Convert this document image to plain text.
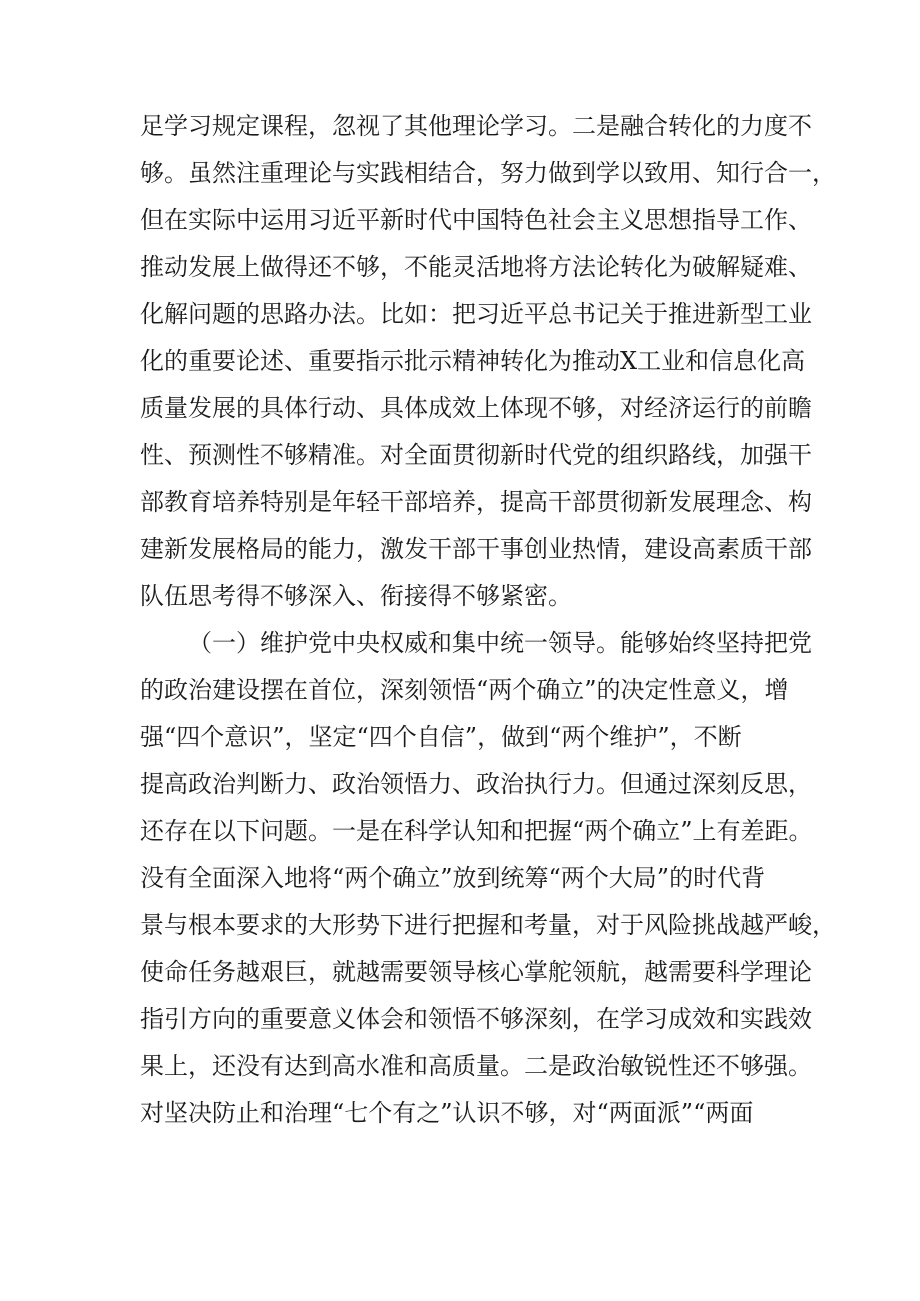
足学习规定课程，忽视了其他理论学习。二是融合转化的力度不
够。虽然注重理论与实践相结合，努力做到学以致用、知行合一，
但在实际中运用习近平新时代中国特色社会主义思想指导工作、
推动发展上做得还不够，不能灵活地将方法论转化为破解疑难、
化解问题的思路办法。比如：把习近平总书记关于推进新型工业
化的重要论述、重要指示批示精神转化为推动X工业和信息化高
质量发展的具体行动、具体成效上体现不够，对经济运行的前瞻
性、预测性不够精准。对全面贯彻新时代党的组织路线，加强干
部教育培养特别是年轻干部培养，提高干部贯彻新发展理念、构
建新发展格局的能力，激发干部干事创业热情，建设高素质干部
队伍思考得不够深入、衔接得不够紧密。
（一）维护党中央权威和集中统一领导。能够始终坚持把党
的政治建设摆在首位，深刻领悟“两个确立”的决定性意义，增
强“四个意识”，坚定“四个自信”，做到“两个维护”，不断
提高政治判断力、政治领悟力、政治执行力。但通过深刻反思，
还存在以下问题。一是在科学认知和把握“两个确立”上有差距。
没有全面深入地将“两个确立”放到统筹“两个大局”的时代背
景与根本要求的大形势下进行把握和考量，对于风险挑战越严峻，
使命任务越艰巨，就越需要领导核心掌舵领航，越需要科学理论
指引方向的重要意义体会和领悟不够深刻，在学习成效和实践效
果上，还没有达到高水准和高质量。二是政治敏锐性还不够强。
对坚决防止和治理“七个有之”认识不够，对“两面派”“两面
